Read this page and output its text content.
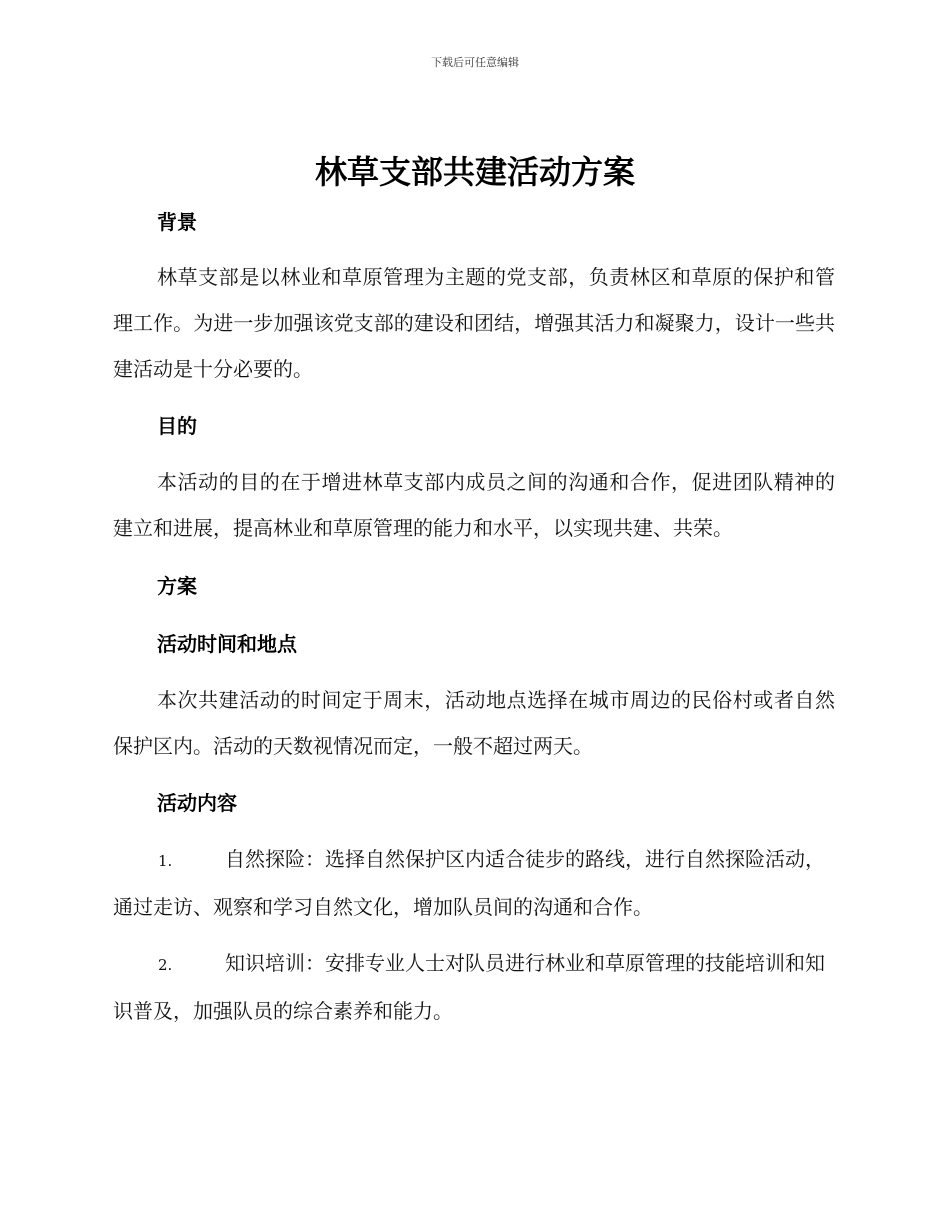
下载后可任意编辑
林草支部共建活动方案
背景
林草支部是以林业和草原管理为主题的党支部，负责林区和草原的保护和管理工作。为进一步加强该党支部的建设和团结，增强其活力和凝聚力，设计一些共建活动是十分必要的。
目的
本活动的目的在于增进林草支部内成员之间的沟通和合作，促进团队精神的建立和进展，提高林业和草原管理的能力和水平，以实现共建、共荣。
方案
活动时间和地点
本次共建活动的时间定于周末，活动地点选择在城市周边的民俗村或者自然保护区内。活动的天数视情况而定，一般不超过两天。
活动内容
1.	自然探险：选择自然保护区内适合徒步的路线，进行自然探险活动，通过走访、观察和学习自然文化，增加队员间的沟通和合作。
2.	知识培训：安排专业人士对队员进行林业和草原管理的技能培训和知识普及，加强队员的综合素养和能力。
